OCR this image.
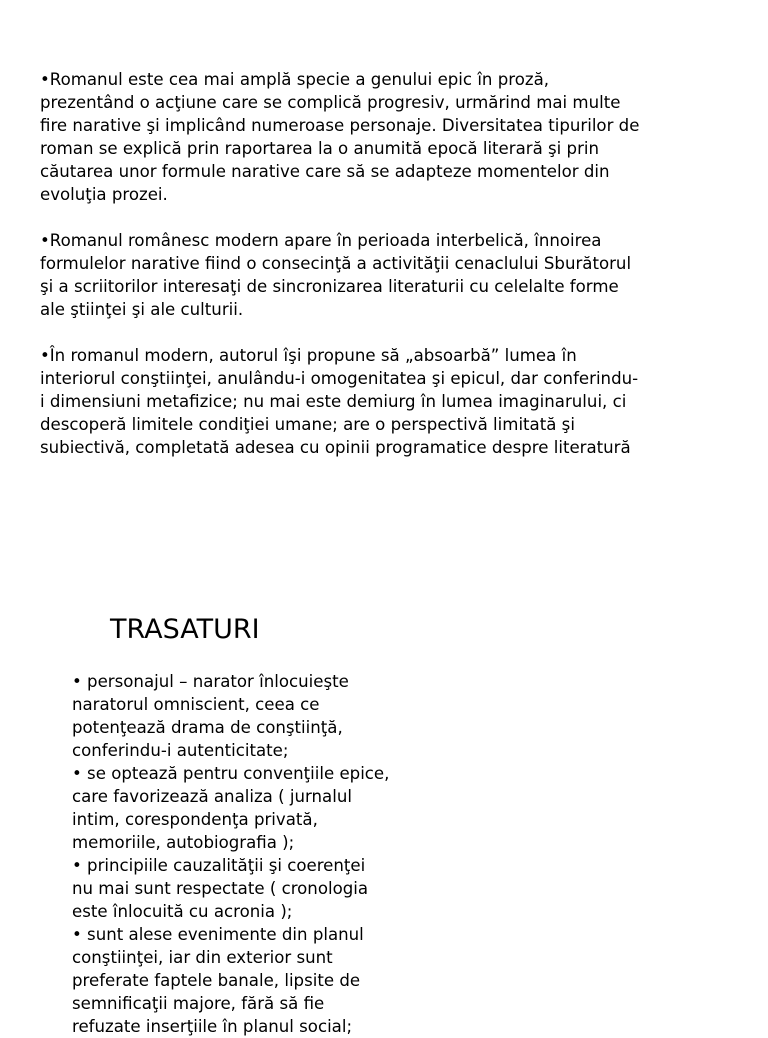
•Romanul este cea mai amplă specie a genului epic în proză,
prezentând o acţiune care se complică progresiv, urmărind mai multe
fire narative şi implicând numeroase personaje. Diversitatea tipurilor de
roman se explică prin raportarea la o anumită epocă literară şi prin
căutarea unor formule narative care să se adapteze momentelor din
evoluţia prozei.

•Romanul românesc modern apare în perioada interbelică, înnoirea
formulelor narative fiind o consecinţă a activităţii cenaclului Sburătorul
şi a scriitorilor interesaţi de sincronizarea literaturii cu celelalte forme
ale ştiinţei şi ale culturii.

•În romanul modern, autorul îşi propune să „absoarbă” lumea în
interiorul conştiinţei, anulându-i omogenitatea şi epicul, dar conferindu-
i dimensiuni metafizice; nu mai este demiurg în lumea imaginarului, ci
descoperă limitele condiţiei umane; are o perspectivă limitată şi
subiectivă, completată adesea cu opinii programatice despre literatură

TRASATURI
• personajul – narator înlocuieşte
naratorul omniscient, ceea ce
potenţează drama de conştiinţă,
conferindu-i autenticitate;
• se optează pentru convenţiile epice,
care favorizează analiza ( jurnalul
intim, corespondenţa privată,
memoriile, autobiografia );
• principiile cauzalităţii şi coerenţei
nu mai sunt respectate ( cronologia
este înlocuită cu acronia );
• sunt alese evenimente din planul
conştiinţei, iar din exterior sunt
preferate faptele banale, lipsite de
semnificaţii majore, fără să fie
refuzate inserţiile în planul social;
